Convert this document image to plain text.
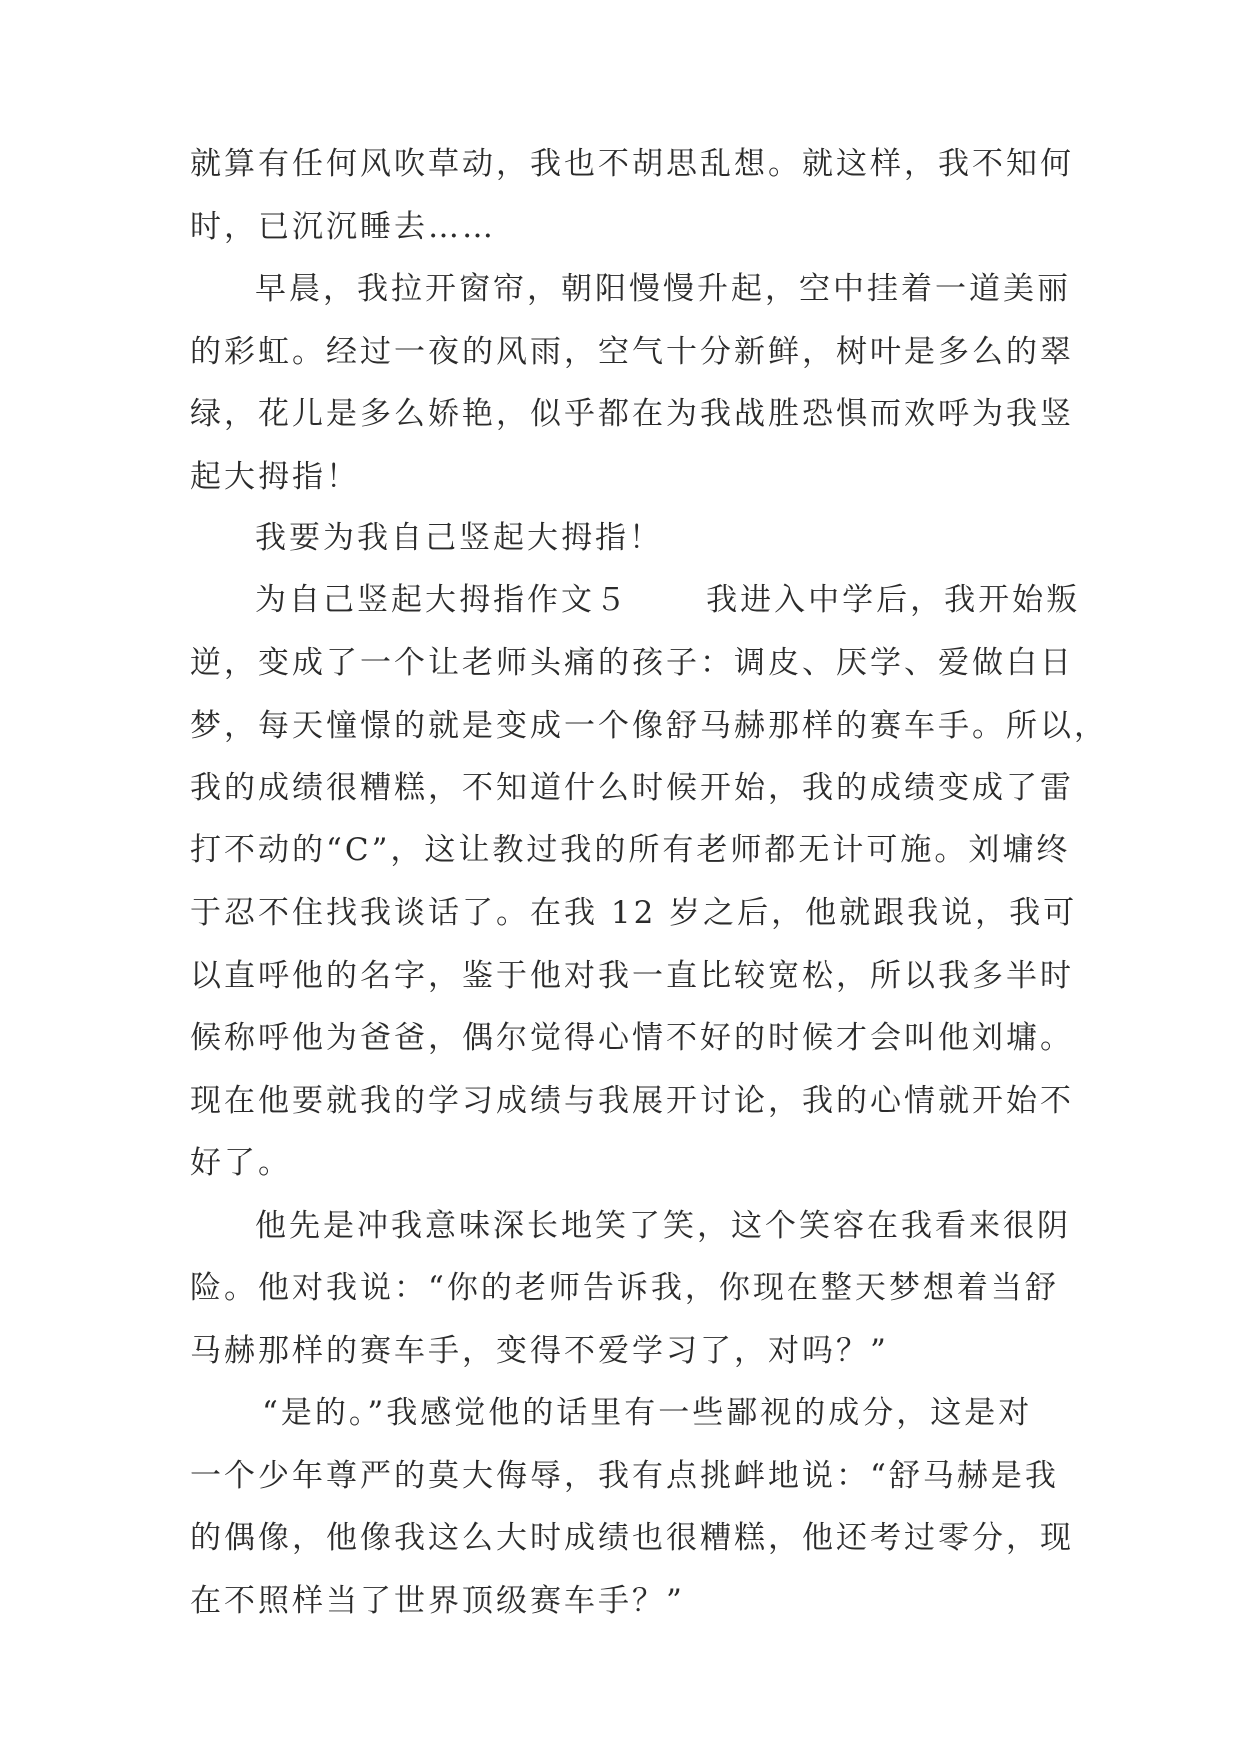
就算有任何风吹草动，我也不胡思乱想。就这样，我不知何

时，已沉沉睡去……

早晨，我拉开窗帘，朝阳慢慢升起，空中挂着一道美丽

的彩虹。经过一夜的风雨，空气十分新鲜，树叶是多么的翠

绿，花儿是多么娇艳，似乎都在为我战胜恐惧而欢呼为我竖

起大拇指！

我要为我自己竖起大拇指！

为自己竖起大拇指作文５      我进入中学后，我开始叛

逆，变成了一个让老师头痛的孩子：调皮、厌学、爱做白日

梦，每天憧憬的就是变成一个像舒马赫那样的赛车手。所以，

我的成绩很糟糕，不知道什么时候开始，我的成绩变成了雷

打不动的“C”，这让教过我的所有老师都无计可施。刘墉终

于忍不住找我谈话了。在我 12 岁之后，他就跟我说，我可

以直呼他的名字，鉴于他对我一直比较宽松，所以我多半时

候称呼他为爸爸，偶尔觉得心情不好的时候才会叫他刘墉。

现在他要就我的学习成绩与我展开讨论，我的心情就开始不

好了。

他先是冲我意味深长地笑了笑，这个笑容在我看来很阴

险。他对我说：“你的老师告诉我，你现在整天梦想着当舒

马赫那样的赛车手，变得不爱学习了，对吗？”

“是的。”我感觉他的话里有一些鄙视的成分，这是对

一个少年尊严的莫大侮辱，我有点挑衅地说：“舒马赫是我

的偶像，他像我这么大时成绩也很糟糕，他还考过零分，现

在不照样当了世界顶级赛车手？”
